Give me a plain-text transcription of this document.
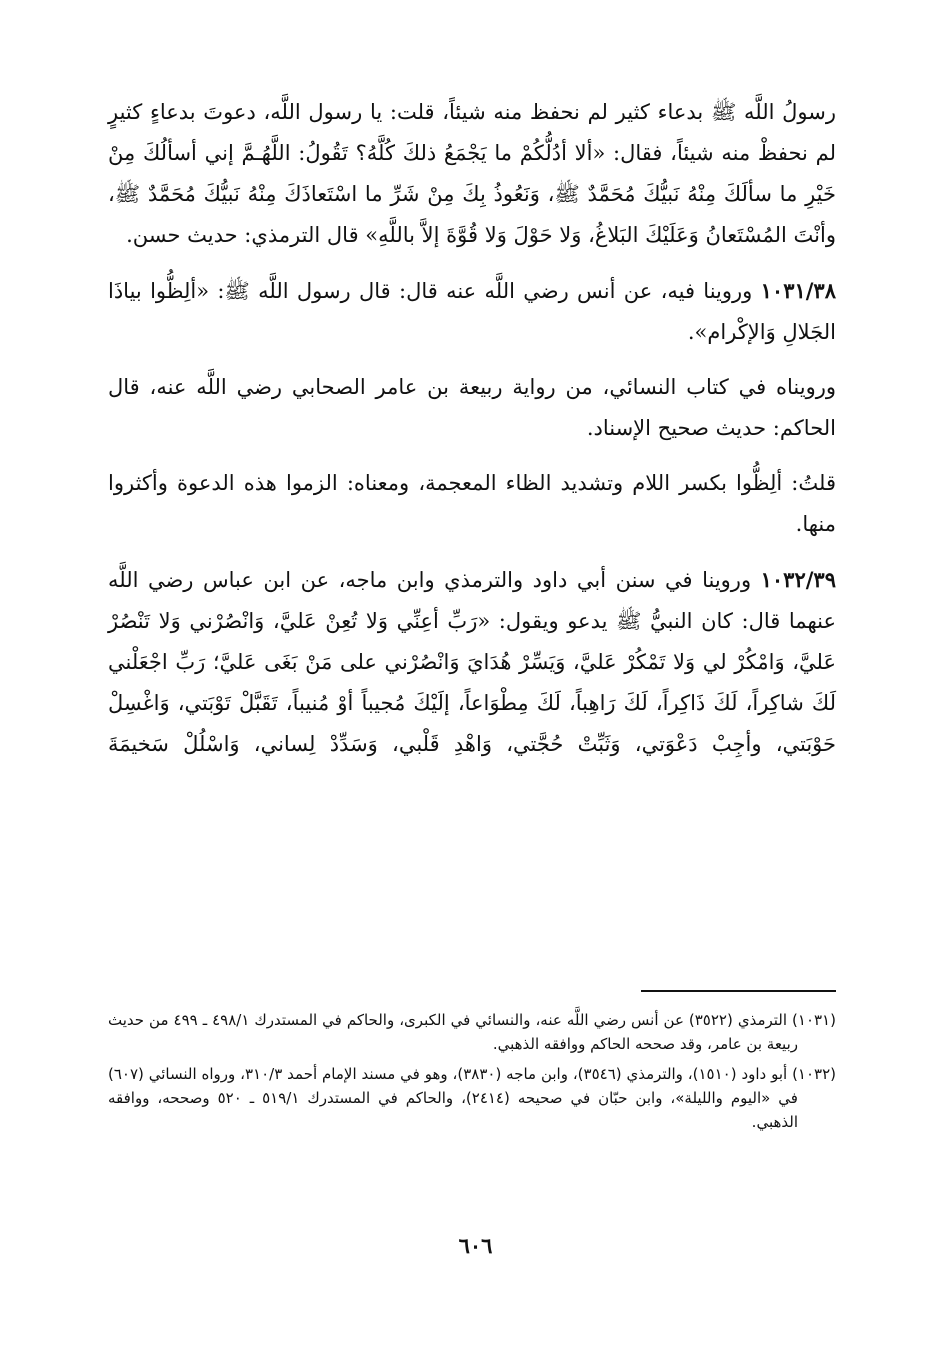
رسولُ اللَّه ﷺ بدعاء كثير لم نحفظ منه شيئاً، قلت: يا رسول اللَّه، دعوتَ بدعاءٍ كثيرٍ لم نحفظْ منه شيئاً، فقال: «ألا أدُلُّكُمْ ما يَجْمَعُ ذلكَ كُلَّهُ؟ تَقُولُ: اللَّهُـمَّ إني أسألُكَ مِنْ خَيْرِ ما سألَكَ مِنْهُ نَبيُّكَ مُحَمَّدٌ ﷺ، وَنَعُوذُ بِكَ مِنْ شَرِّ ما اسْتَعاذَكَ مِنْهُ نَبيُّكَ مُحَمَّدٌ ﷺ، وأنْتَ المُسْتَعانُ وَعَلَيْكَ البَلاغُ، وَلا حَوْلَ وَلا قُوَّةَ إلاَّ باللَّهِ» قال الترمذي: حديث حسن.

١٠٣١/٣٨ وروينا فيه، عن أنس رضي اللَّه عنه قال: قال رسول اللَّه ﷺ: «ألِظُّوا بياذَا الجَلالِ وَالإكْرام».

ورويناه في كتاب النسائي، من رواية ربيعة بن عامر الصحابي رضي اللَّه عنه، قال الحاكم: حديث صحيح الإسناد.

قلتُ: ألِظُّوا بكسر اللام وتشديد الظاء المعجمة، ومعناه: الزموا هذه الدعوة وأكثروا منها.

١٠٣٢/٣٩ وروينا في سنن أبي داود والترمذي وابن ماجه، عن ابن عباس رضي اللَّه عنهما قال: كان النبيُّ ﷺ يدعو ويقول: «رَبِّ أعِنِّي وَلا تُعِنْ عَليَّ، وَانْصُرْني وَلا تَنْصُرْ عَليَّ، وَامْكُرْ لي وَلا تَمْكُرْ عَليَّ، وَيَسِّرْ هُدَايَ وَانْصُرْني على مَنْ بَغَى عَليَّ؛ رَبِّ اجْعَلْني لَكَ شاكِراً، لَكَ ذَاكِراً، لَكَ رَاهِباً، لَكَ مِطْوَاعاً، إلَيْكَ مُجيباً أوْ مُنيباً، تَقَبَّلْ تَوْبَتي، وَاغْسِلْ حَوْبَتي، وأجِبْ دَعْوَتي، وَثَبِّتْ حُجَّتي، وَاهْدِ قَلْبي، وَسَدِّدْ لِساني، وَاسْلُلْ سَخيمَةَ

(١٠٣١) الترمذي (٣٥٢٢) عن أنس رضي اللَّه عنه، والنسائي في الكبرى، والحاكم في المستدرك ٤٩٨/١ ـ ٤٩٩ من حديث ربيعة بن عامر، وقد صححه الحاكم ووافقه الذهبي.

(١٠٣٢) أبو داود (١٥١٠)، والترمذي (٣٥٤٦)، وابن ماجه (٣٨٣٠)، وهو في مسند الإمام أحمد ٣١٠/٣، ورواه النسائي (٦٠٧) في «اليوم والليلة»، وابن حبّان في صحيحه (٢٤١٤)، والحاكم في المستدرك ٥١٩/١ ـ ٥٢٠ وصححه، ووافقه الذهبي.

٦٠٦
